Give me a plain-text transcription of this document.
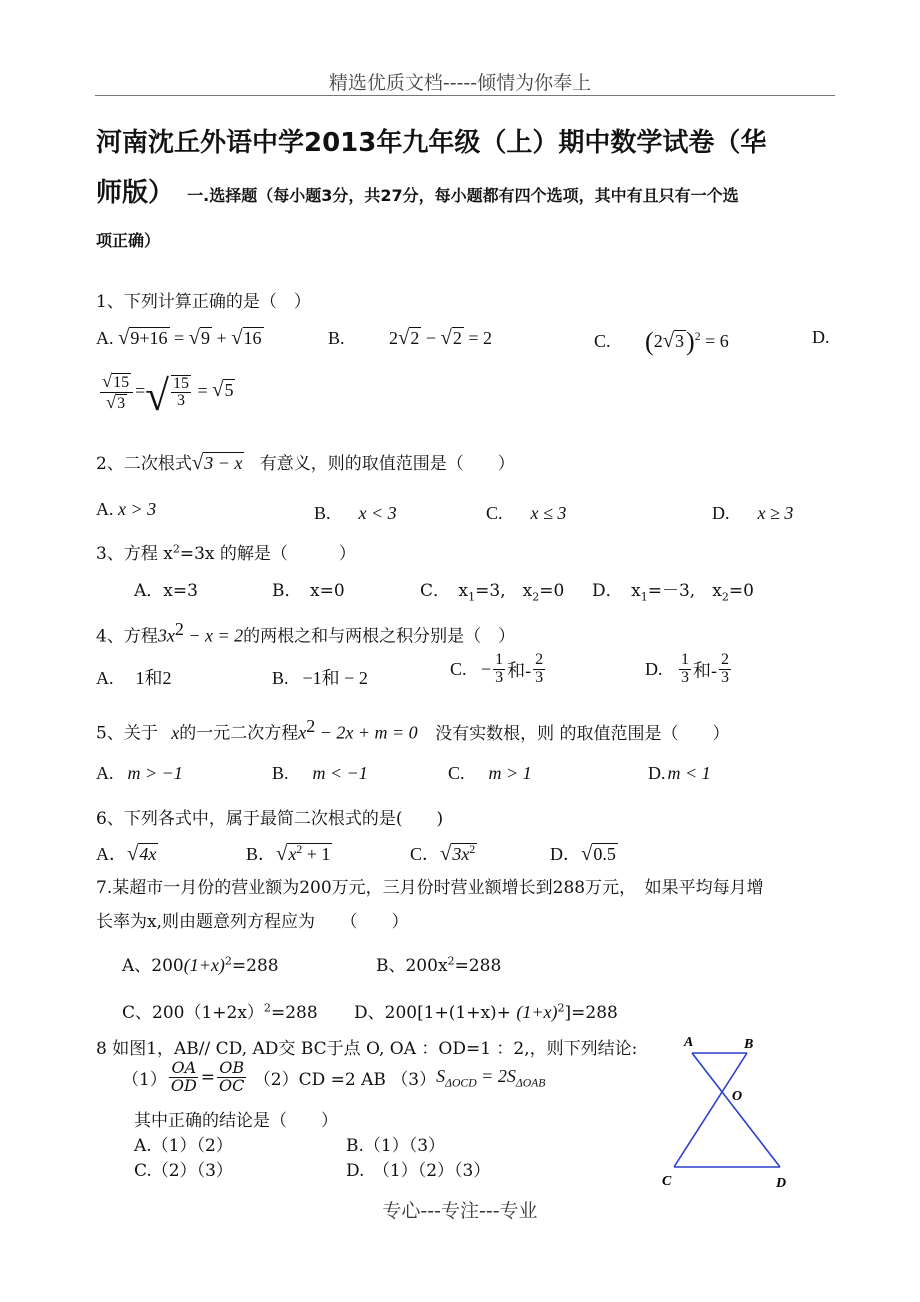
精选优质文档-----倾情为你奉上
河南沈丘外语中学2013年九年级（上）期中数学试卷（华
师版） 一.选择题（每小题3分，共27分，每小题都有四个选项，其中有且只有一个选
项正确）
1、下列计算正确的是（　）
A. √9+16 = √9 + √16	B. 2√2 − √2 = 2	C. $(2√3)^2 = 6$	D.
$\frac{√15}{√3}$ =√ $\frac{15}{3} = √5$
2、二次根式√3 − x 有意义，则的取值范围是（　　）
A. x > 3	B.　 x < 3	C.　 x ≤ 3	D.　 x ≥ 3
3、方程 $x^2=3x$ 的解是（　　　）
A．x=3	B．　x=0	C．　$x_1=3$,　$x_2=0$ D．　$x_1=-3$,　$x_2=0$
4、方程$3x^2 - x = 2$的两根之和与两根之积分别是（　）
A. 1和2	B. −1和 − 2	C. − $\frac{1}{3}$ 和- $\frac{2}{3}$	D. $\frac{1}{3}$ 和- $\frac{2}{3}$
5、关于 x的一元二次方程$x^2 - 2x + m = 0$ 没有实数根，则 的取值范围是（　　）
A. m > −1	B. m < −1	C. m > 1	D. m < 1
6、下列各式中，属于最简二次根式的是(　　)
A．√4x	B．$√x^2 + 1$	C．$√3x^2$	D．√0.5
7.某超市一月份的营业额为200万元，三月份时营业额增长到288万元，　如果平均每月增
长率为x,则由题意列方程应为　　（　　）
A、$200(1+x)^2=288$	B、$200x^2=288$
C、$200(1+2x)^2=288$ D、$200[1+(1+x)+ (1+x)^2]=288$
8 如图1，AB// CD, AD交 BC于点 O, OA ：OD=1 ：2,，则下列结论:
$(1) \frac{OA}{OD} = \frac{OB}{OC} (2)CD =2$ AB $(3)S_{\Delta OCD} = 2S_{\Delta OAB}$
其中正确的结论是（　　）
A.（1）（2）	B.（1）（3）
C.（2）（3）	D.　（1）（2）（3）
A	B
O
C	D
专心---专注---专业
